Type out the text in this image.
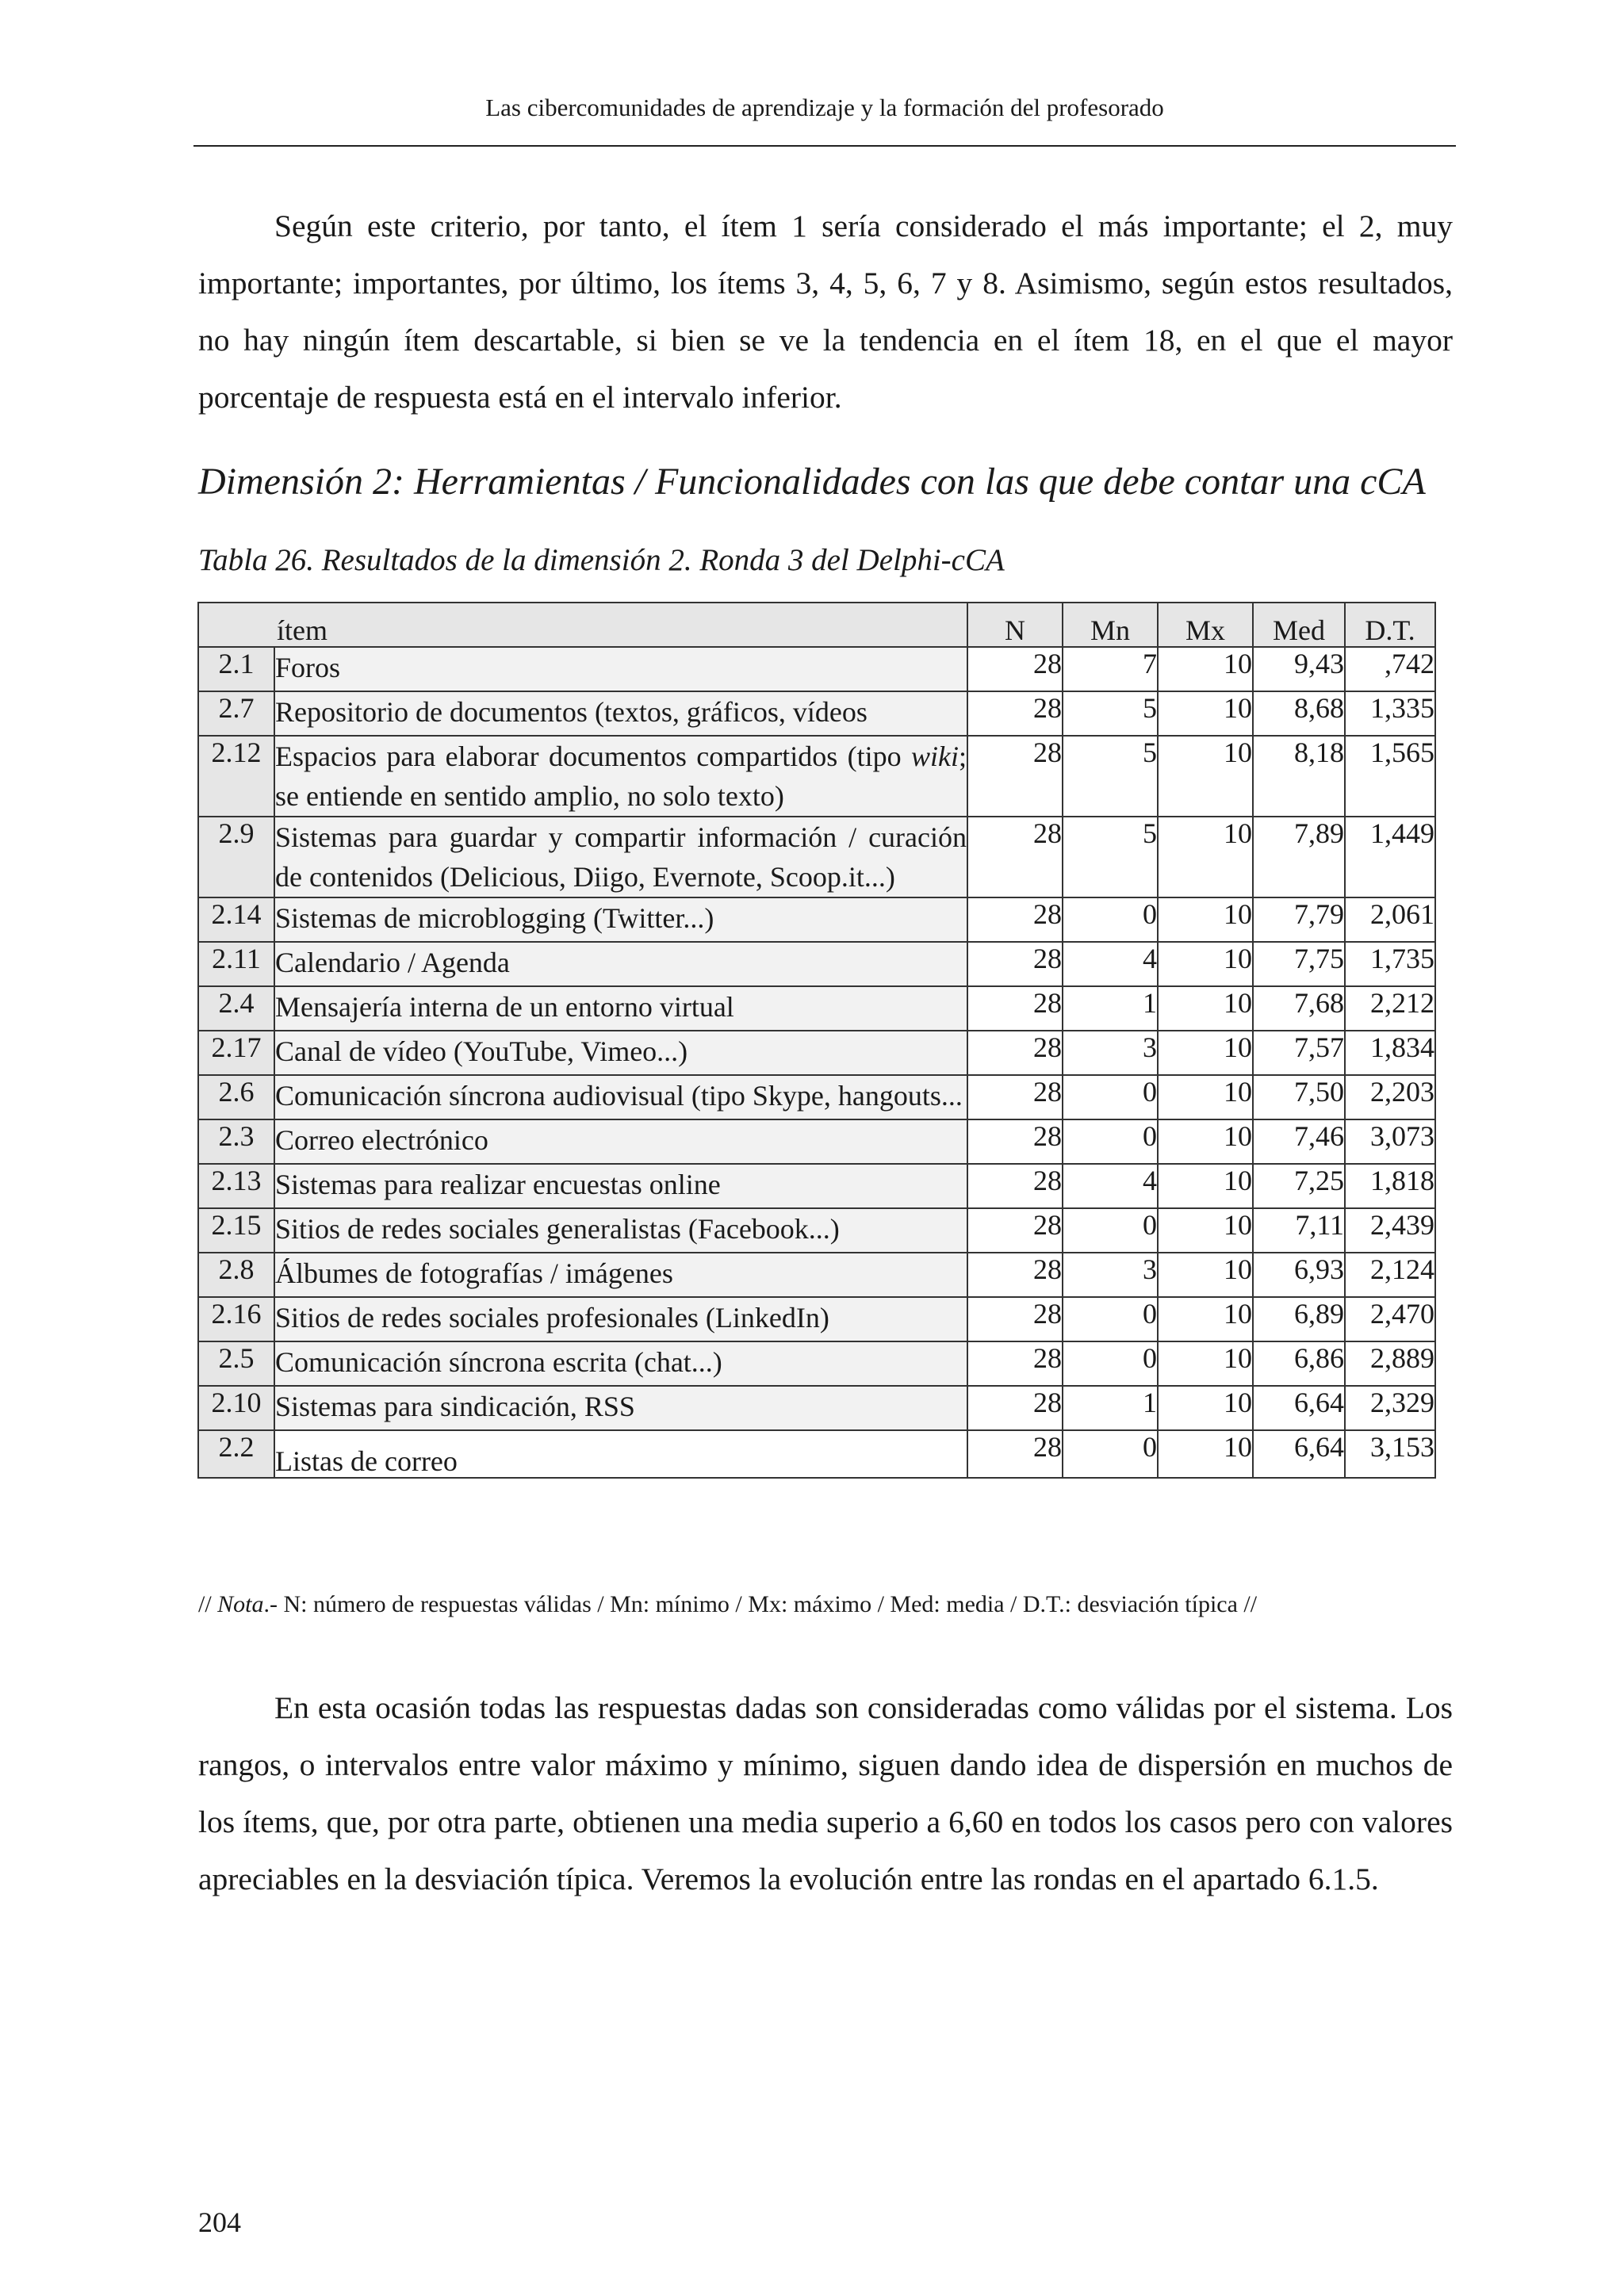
Las cibercomunidades de aprendizaje y la formación del profesorado

Según este criterio, por tanto, el ítem 1 sería considerado el más importante; el 2, muy importante; importantes, por último, los ítems 3, 4, 5, 6, 7 y 8. Asimismo, según estos resultados, no hay ningún ítem descartable, si bien se ve la tendencia en el ítem 18, en el que el mayor porcentaje de respuesta está en el intervalo inferior.

Dimensión 2: Herramientas / Funcionalidades con las que debe contar una cCA
Tabla 26. Resultados de la dimensión 2. Ronda 3 del Delphi-cCA
ítem		N	Mn	Mx	Med	D.T.
2.1	Foros	28	7	10	9,43	,742
2.7	Repositorio de documentos (textos, gráficos, vídeos	28	5	10	8,68	1,335
2.12	Espacios para elaborar documentos compartidos (tipo wiki; se entiende en sentido amplio, no solo texto)	28	5	10	8,18	1,565
2.9	Sistemas para guardar y compartir información / curación de contenidos (Delicious, Diigo, Evernote, Scoop.it...)	28	5	10	7,89	1,449
2.14	Sistemas de microblogging (Twitter...)	28	0	10	7,79	2,061
2.11	Calendario / Agenda	28	4	10	7,75	1,735
2.4	Mensajería interna de un entorno virtual	28	1	10	7,68	2,212
2.17	Canal de vídeo (YouTube, Vimeo...)	28	3	10	7,57	1,834
2.6	Comunicación síncrona audiovisual (tipo Skype, hangouts...	28	0	10	7,50	2,203
2.3	Correo electrónico	28	0	10	7,46	3,073
2.13	Sistemas para realizar encuestas online	28	4	10	7,25	1,818
2.15	Sitios de redes sociales generalistas (Facebook...)	28	0	10	7,11	2,439
2.8	Álbumes de fotografías / imágenes	28	3	10	6,93	2,124
2.16	Sitios de redes sociales profesionales (LinkedIn)	28	0	10	6,89	2,470
2.5	Comunicación síncrona escrita (chat...)	28	0	10	6,86	2,889
2.10	Sistemas para sindicación, RSS	28	1	10	6,64	2,329
2.2	Listas de correo	28	0	10	6,64	3,153
// Nota.- N: número de respuestas válidas / Mn: mínimo / Mx: máximo / Med: media / D.T.: desviación típica //

En esta ocasión todas las respuestas dadas son consideradas como válidas por el sistema. Los rangos, o intervalos entre valor máximo y mínimo, siguen dando idea de dispersión en muchos de los ítems, que, por otra parte, obtienen una media superio a 6,60 en todos los casos pero con valores apreciables en la desviación típica. Veremos la evolución entre las rondas en el apartado 6.1.5.

204
